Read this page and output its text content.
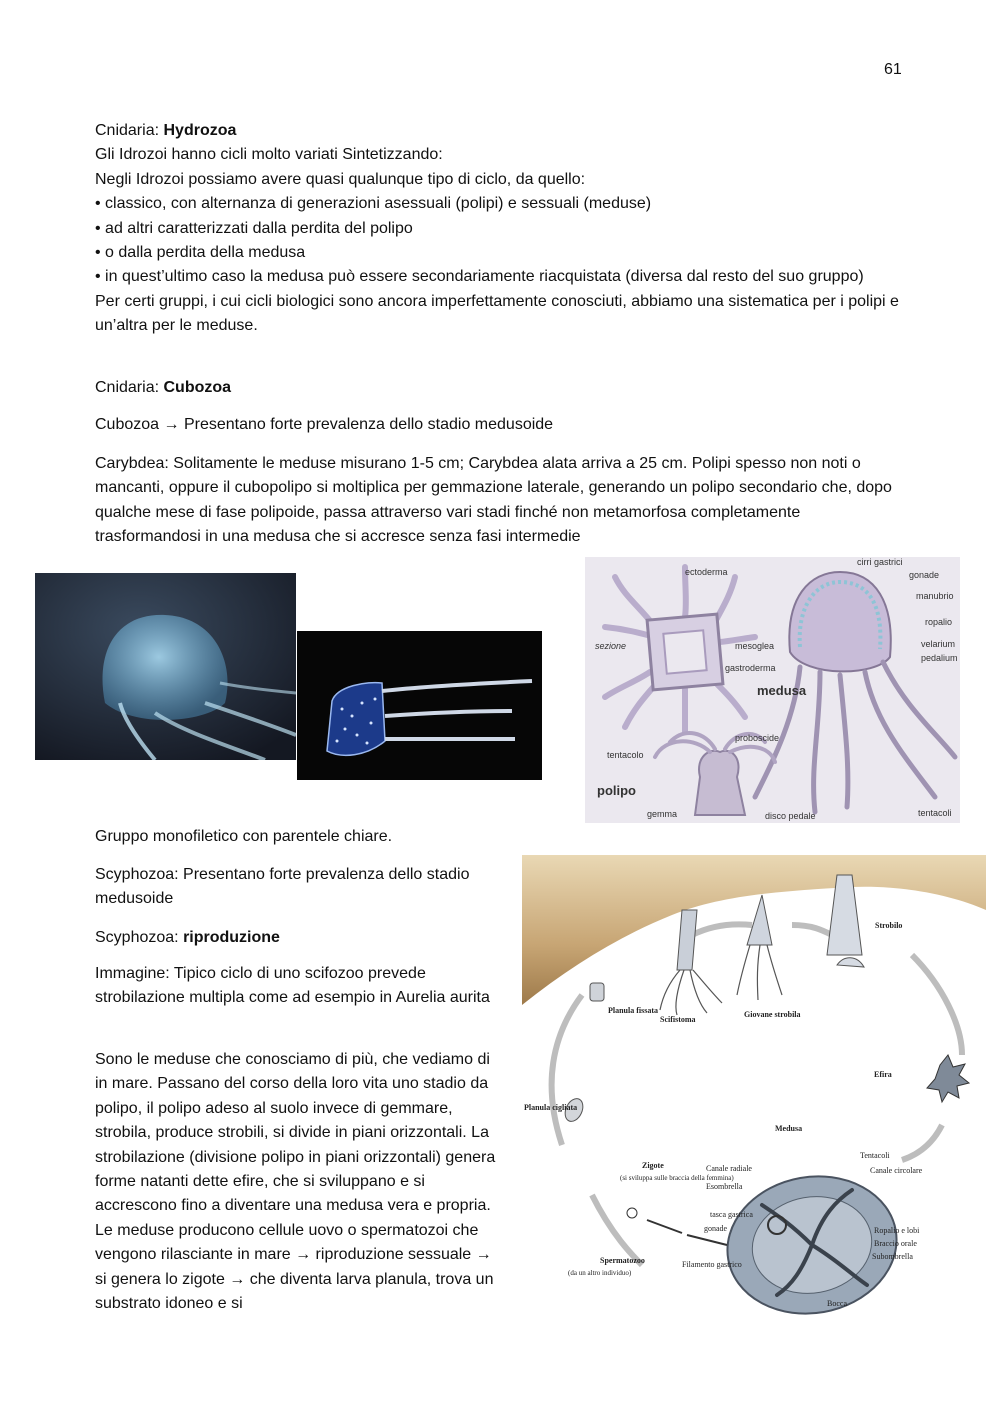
61

Cnidaria: Hydrozoa

Gli Idrozoi hanno cicli molto variati Sintetizzando:

Negli Idrozoi possiamo avere quasi qualunque tipo di ciclo, da quello:

• classico, con alternanza di generazioni asessuali (polipi) e sessuali (meduse)

• ad altri caratterizzati dalla perdita del polipo

• o dalla perdita della medusa

• in quest’ultimo caso la medusa può essere secondariamente riacquistata (diversa dal resto del suo gruppo)

Per certi gruppi, i cui cicli biologici sono ancora imperfettamente conosciuti, abbiamo una sistematica per i polipi e un’altra per le meduse.

Cnidaria: Cubozoa
Cubozoa → Presentano forte prevalenza dello stadio medusoide
Carybdea: Solitamente le meduse misurano 1-5 cm; Carybdea alata arriva a 25 cm. Polipi spesso non noti o mancanti, oppure il cubopolipo si moltiplica per gemmazione laterale, generando un polipo secondario che, dopo qualche mese di fase polipoide, passa attraverso vari stadi finché non metamorfosa completamente trasformandosi in una medusa che si accresce senza fasi intermedie
ectoderma
cirri gastrici
gonade
manubrio
ropalio
velarium
pedalium
sezione	mesoglea
gastroderma
medusa
proboscide
tentacolo
polipo
gemma	disco pedale	tentacoli
Gruppo monofiletico con parentele chiare.
Scyphozoa: Presentano forte prevalenza dello stadio medusoide
Scyphozoa: riproduzione
Immagine: Tipico ciclo di uno scifozoo prevede strobilazione multipla come ad esempio in Aurelia aurita
Sono le meduse che conosciamo di più, che vediamo di in mare. Passano del corso della loro vita uno stadio da polipo, il polipo adeso al suolo invece di gemmare, strobila, produce strobili, si divide in piani orizzontali. La strobilazione (divisione polipo in piani orizzontali) genera forme natanti dette efire, che si sviluppano e si accrescono fino a diventare una medusa vera e propria. Le meduse producono cellule uovo o spermatozoi che vengono rilasciante in mare → riproduzione sessuale → si genera lo zigote → che diventa larva planula, trova un substrato idoneo e si
Strobilo
Planula fissata
Scifistoma
Giovane strobila
Efira
Planula cigliata
Medusa
Zigote
(si sviluppa sulle braccia della femmina)
Canale radiale
Esombrella
Tentacoli
Canale circolare
tasca gastrica
gonade
Filamento gastrico
Spermatozoo
(da un altro individuo)
Ropalio e lobi
Braccio orale
Subombrella
Bocca
